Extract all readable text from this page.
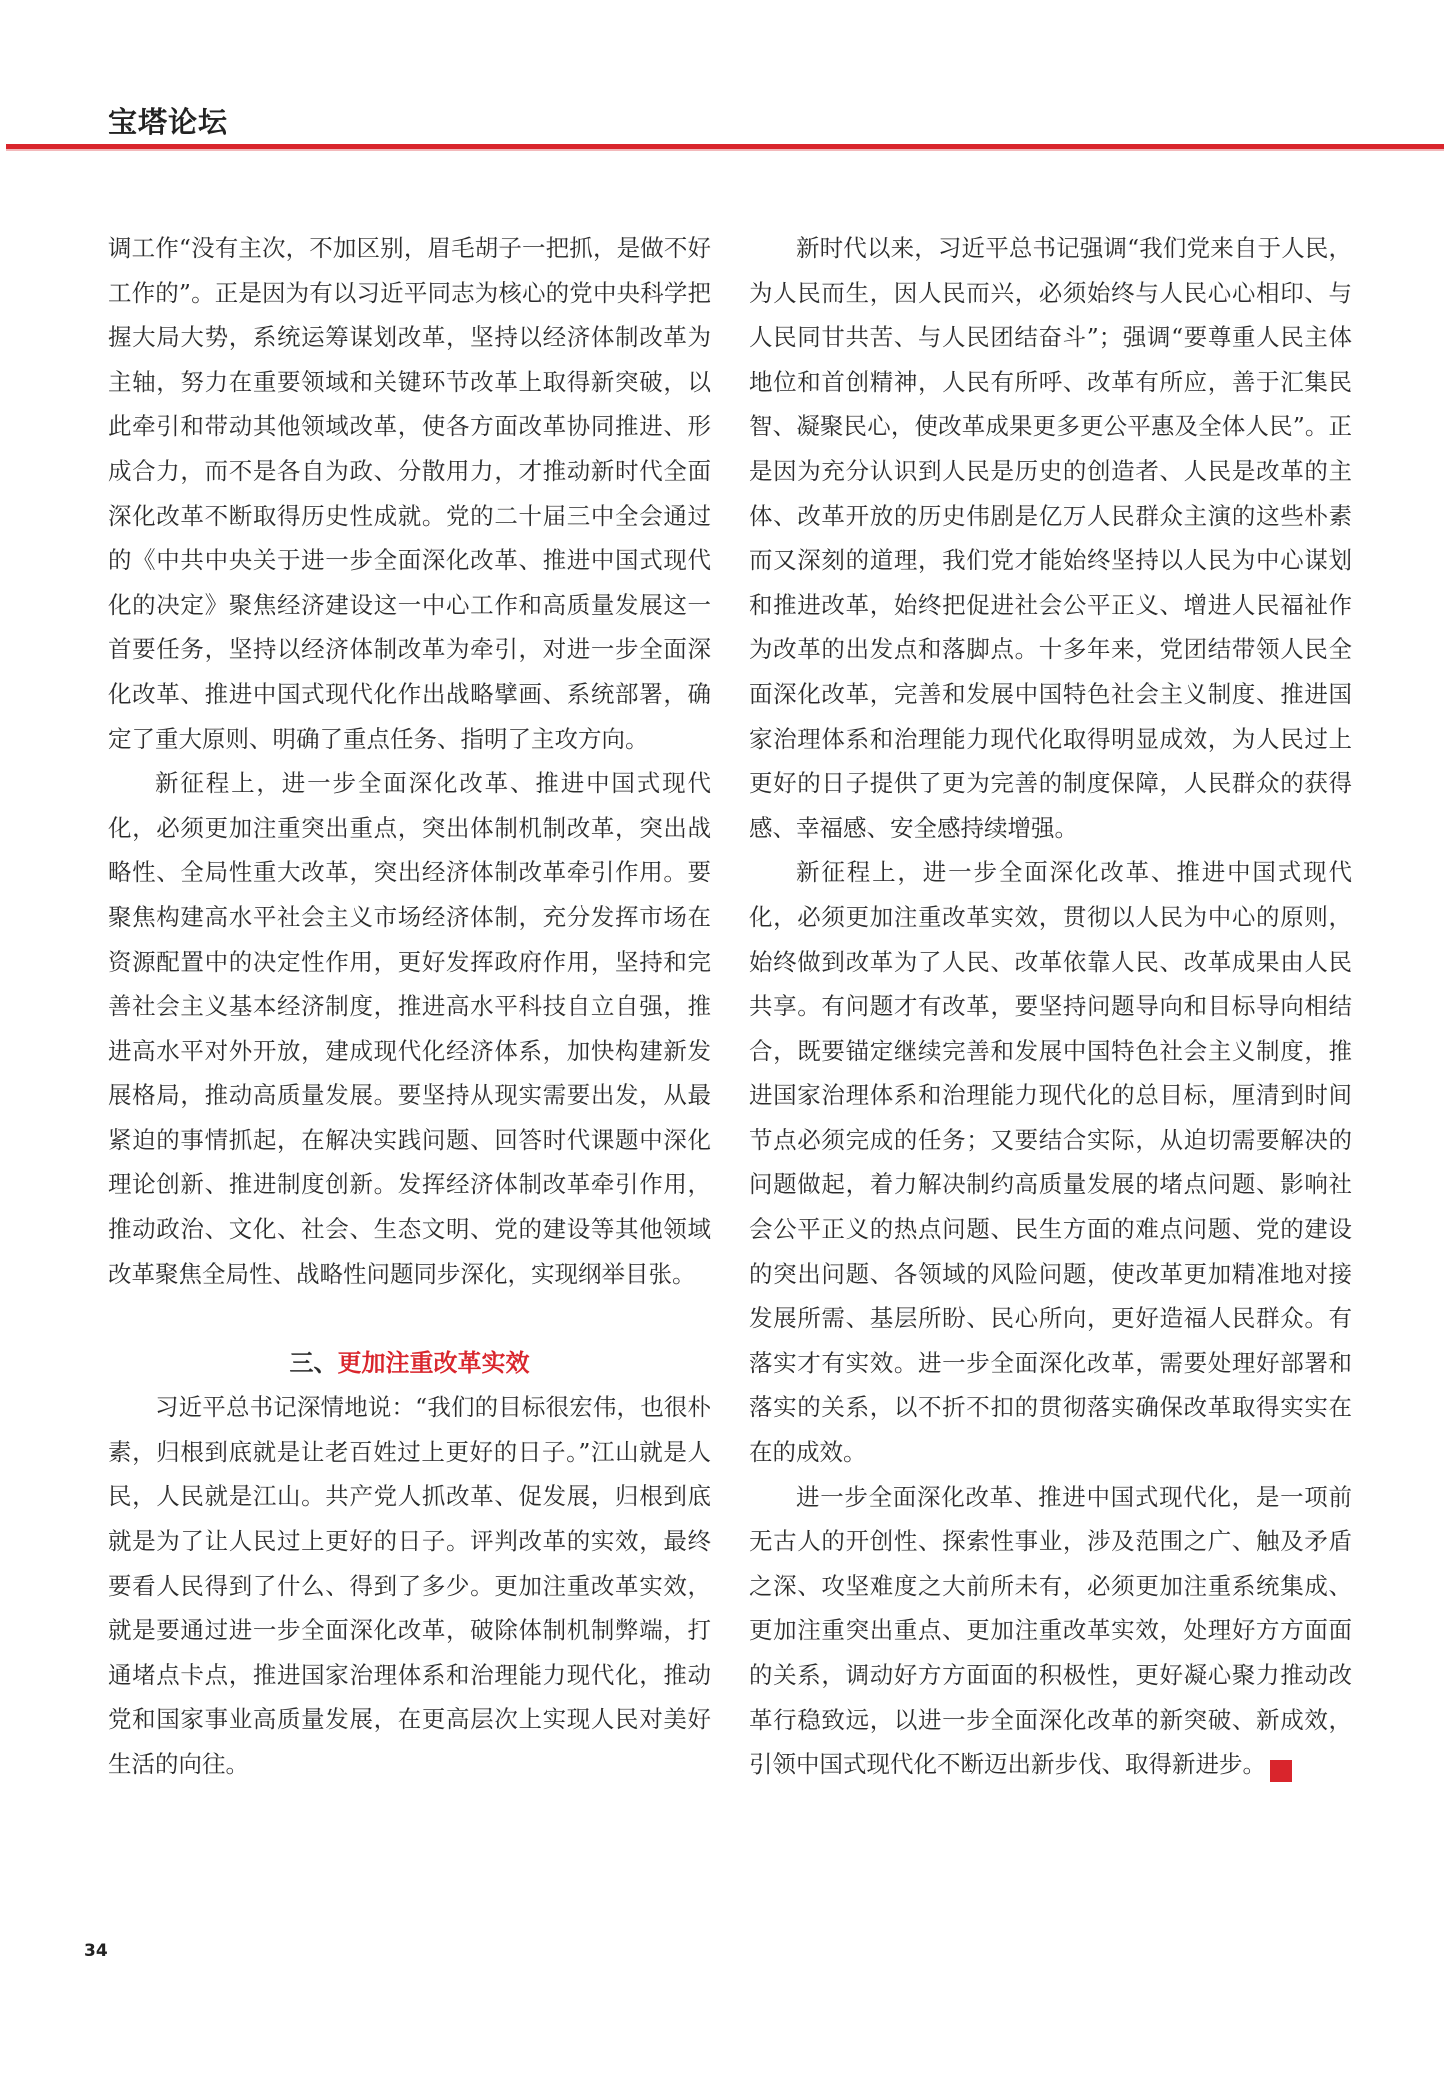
宝塔论坛

调工作“没有主次，不加区别，眉毛胡子一把抓，是做不好工作的”。正是因为有以习近平同志为核心的党中央科学把握大局大势，系统运筹谋划改革，坚持以经济体制改革为主轴，努力在重要领域和关键环节改革上取得新突破，以此牵引和带动其他领域改革，使各方面改革协同推进、形成合力，而不是各自为政、分散用力，才推动新时代全面深化改革不断取得历史性成就。党的二十届三中全会通过的《中共中央关于进一步全面深化改革、推进中国式现代化的决定》聚焦经济建设这一中心工作和高质量发展这一首要任务，坚持以经济体制改革为牵引，对进一步全面深化改革、推进中国式现代化作出战略擘画、系统部署，确定了重大原则、明确了重点任务、指明了主攻方向。

新征程上，进一步全面深化改革、推进中国式现代化，必须更加注重突出重点，突出体制机制改革，突出战略性、全局性重大改革，突出经济体制改革牵引作用。要聚焦构建高水平社会主义市场经济体制，充分发挥市场在资源配置中的决定性作用，更好发挥政府作用，坚持和完善社会主义基本经济制度，推进高水平科技自立自强，推进高水平对外开放，建成现代化经济体系，加快构建新发展格局，推动高质量发展。要坚持从现实需要出发，从最紧迫的事情抓起，在解决实践问题、回答时代课题中深化理论创新、推进制度创新。发挥经济体制改革牵引作用，推动政治、文化、社会、生态文明、党的建设等其他领域改革聚焦全局性、战略性问题同步深化，实现纲举目张。

三、更加注重改革实效

习近平总书记深情地说：“我们的目标很宏伟，也很朴素，归根到底就是让老百姓过上更好的日子。”江山就是人民，人民就是江山。共产党人抓改革、促发展，归根到底就是为了让人民过上更好的日子。评判改革的实效，最终要看人民得到了什么、得到了多少。更加注重改革实效，就是要通过进一步全面深化改革，破除体制机制弊端，打通堵点卡点，推进国家治理体系和治理能力现代化，推动党和国家事业高质量发展，在更高层次上实现人民对美好生活的向往。

新时代以来，习近平总书记强调“我们党来自于人民，为人民而生，因人民而兴，必须始终与人民心心相印、与人民同甘共苦、与人民团结奋斗”；强调“要尊重人民主体地位和首创精神，人民有所呼、改革有所应，善于汇集民智、凝聚民心，使改革成果更多更公平惠及全体人民”。正是因为充分认识到人民是历史的创造者、人民是改革的主体、改革开放的历史伟剧是亿万人民群众主演的这些朴素而又深刻的道理，我们党才能始终坚持以人民为中心谋划和推进改革，始终把促进社会公平正义、增进人民福祉作为改革的出发点和落脚点。十多年来，党团结带领人民全面深化改革，完善和发展中国特色社会主义制度、推进国家治理体系和治理能力现代化取得明显成效，为人民过上更好的日子提供了更为完善的制度保障，人民群众的获得感、幸福感、安全感持续增强。

新征程上，进一步全面深化改革、推进中国式现代化，必须更加注重改革实效，贯彻以人民为中心的原则，始终做到改革为了人民、改革依靠人民、改革成果由人民共享。有问题才有改革，要坚持问题导向和目标导向相结合，既要锚定继续完善和发展中国特色社会主义制度，推进国家治理体系和治理能力现代化的总目标，厘清到时间节点必须完成的任务；又要结合实际，从迫切需要解决的问题做起，着力解决制约高质量发展的堵点问题、影响社会公平正义的热点问题、民生方面的难点问题、党的建设的突出问题、各领域的风险问题，使改革更加精准地对接发展所需、基层所盼、民心所向，更好造福人民群众。有落实才有实效。进一步全面深化改革，需要处理好部署和落实的关系，以不折不扣的贯彻落实确保改革取得实实在在的成效。

进一步全面深化改革、推进中国式现代化，是一项前无古人的开创性、探索性事业，涉及范围之广、触及矛盾之深、攻坚难度之大前所未有，必须更加注重系统集成、更加注重突出重点、更加注重改革实效，处理好方方面面的关系，调动好方方面面的积极性，更好凝心聚力推动改革行稳致远，以进一步全面深化改革的新突破、新成效，引领中国式现代化不断迈出新步伐、取得新进步。	中

34
